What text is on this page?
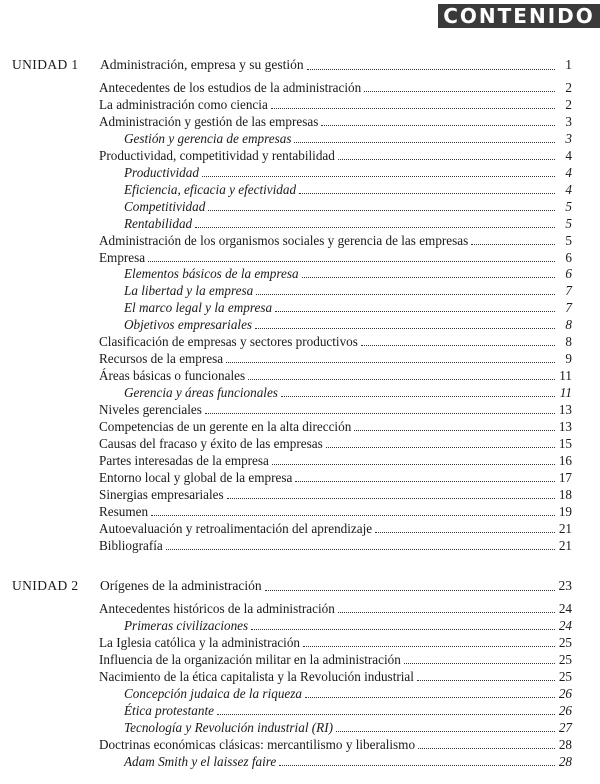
CONTENIDO
UNIDAD 1	Administración, empresa y su gestión	1
Antecedentes de los estudios de la administración	2
La administración como ciencia	2
Administración y gestión de las empresas	3
Gestión y gerencia de empresas	3
Productividad, competitividad y rentabilidad	4
Productividad	4
Eficiencia, eficacia y efectividad	4
Competitividad	5
Rentabilidad	5
Administración de los organismos sociales y gerencia de las empresas	5
Empresa	6
Elementos básicos de la empresa	6
La libertad y la empresa	7
El marco legal y la empresa	7
Objetivos empresariales	8
Clasificación de empresas y sectores productivos	8
Recursos de la empresa	9
Áreas básicas o funcionales	11
Gerencia y áreas funcionales	11
Niveles gerenciales	13
Competencias de un gerente en la alta dirección	13
Causas del fracaso y éxito de las empresas	15
Partes interesadas de la empresa	16
Entorno local y global de la empresa	17
Sinergias empresariales	18
Resumen	19
Autoevaluación y retroalimentación del aprendizaje	21
Bibliografía	21
UNIDAD 2	Orígenes de la administración	23
Antecedentes históricos de la administración	24
Primeras civilizaciones	24
La Iglesia católica y la administración	25
Influencia de la organización militar en la administración	25
Nacimiento de la ética capitalista y la Revolución industrial	25
Concepción judaica de la riqueza	26
Ética protestante	26
Tecnología y Revolución industrial (RI)	27
Doctrinas económicas clásicas: mercantilismo y liberalismo	28
Adam Smith y el laissez faire	28
